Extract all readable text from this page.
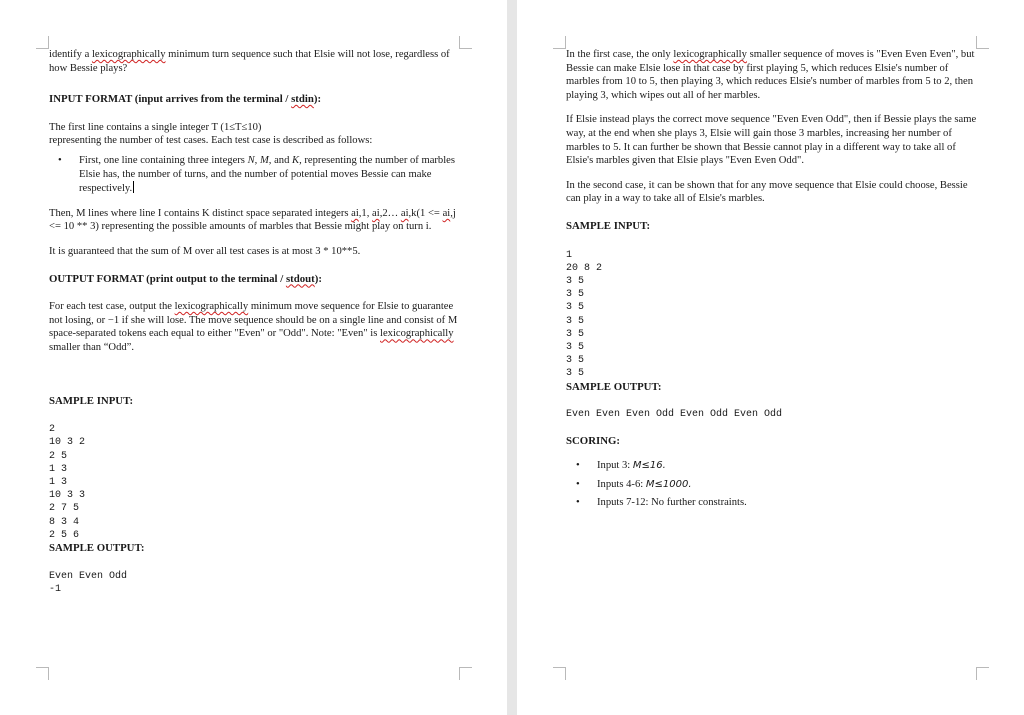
identify a lexicographically minimum turn sequence such that Elsie will not lose, regardless of how Bessie plays?

INPUT FORMAT (input arrives from the terminal / stdin):

The first line contains a single integer T (1≤T≤10)

representing the number of test cases. Each test case is described as follows:

• First, one line containing three integers N, M, and K, representing the number of marbles Elsie has, the number of turns, and the number of potential moves Bessie can make respectively.

Then, M lines where line I contains K distinct space separated integers ai,1, ai,2… ai,k(1 <= ai,j <= 10 ** 3) representing the possible amounts of marbles that Bessie might play on turn i.

It is guaranteed that the sum of M over all test cases is at most 3 * 10**5.

OUTPUT FORMAT (print output to the terminal / stdout):

For each test case, output the lexicographically minimum move sequence for Elsie to guarantee not losing, or −1 if she will lose. The move sequence should be on a single line and consist of M space-separated tokens each equal to either "Even" or "Odd". Note: "Even" is lexicographically smaller than “Odd”.

SAMPLE INPUT:

2
10 3 2
2 5
1 3
1 3
10 3 3
2 7 5
8 3 4
2 5 6

SAMPLE OUTPUT:

Even Even Odd
-1

In the first case, the only lexicographically smaller sequence of moves is "Even Even Even", but Bessie can make Elsie lose in that case by first playing 5, which reduces Elsie's number of marbles from 10 to 5, then playing 3, which reduces Elsie's number of marbles from 5 to 2, then playing 3, which wipes out all of her marbles.

If Elsie instead plays the correct move sequence "Even Even Odd", then if Bessie plays the same way, at the end when she plays 3, Elsie will gain those 3 marbles, increasing her number of marbles to 5. It can further be shown that Bessie cannot play in a different way to take all of Elsie's marbles given that Elsie plays "Even Even Odd".

In the second case, it can be shown that for any move sequence that Elsie could choose, Bessie can play in a way to take all of Elsie's marbles.

SAMPLE INPUT:

1
20 8 2
3 5
3 5
3 5
3 5
3 5
3 5
3 5
3 5

SAMPLE OUTPUT:

Even Even Even Odd Even Odd Even Odd

SCORING:

• Input 3: M≤16.
• Inputs 4-6: M≤1000.
• Inputs 7-12: No further constraints.
